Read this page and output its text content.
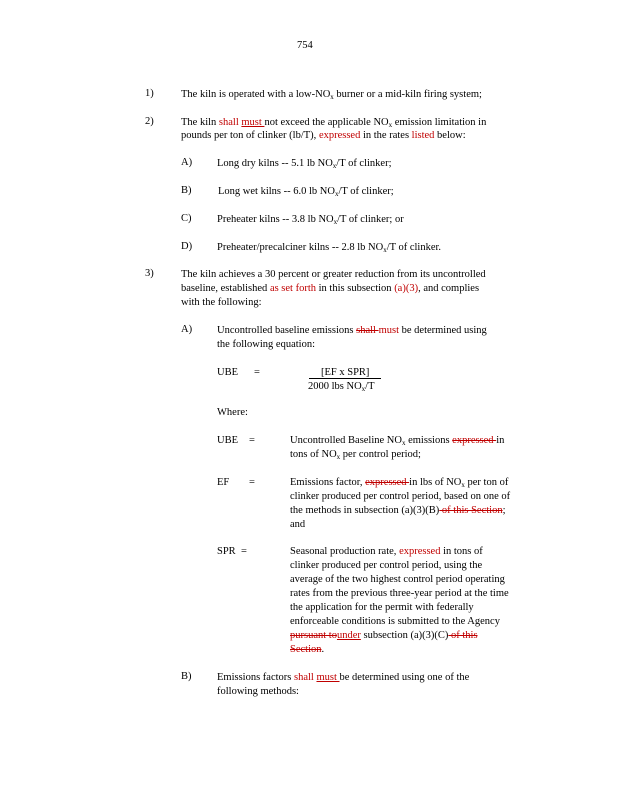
754
1)	The kiln is operated with a low-$NO_x$ burner or a mid-kiln firing system;
2)	The kiln shall must not exceed the applicable $NO_x$ emission limitation in
pounds per ton of clinker (lb/T), expressed in the rates listed below:
A) Long dry kilns -- 5.1 lb $NO_x/T$ of clinker;
B)	Long wet kilns -- 6.0 lb $NO_x/T$ of clinker;
C) Preheater kilns -- 3.8 lb $NO_x/T$ of clinker; or
D) Preheater/precalciner kilns -- 2.8 lb $NO_x/T$ of clinker.
3)	The kiln achieves a 30 percent or greater reduction from its uncontrolled
baseline, established as set forth in this subsection (a)(3), and complies
with the following:
A) Uncontrolled baseline emissions shall must be determined using
the following equation:
UBE =	[EF x SPR]
2000 lbs $NO_x/T$
Where:
UBE =	Uncontrolled Baseline $NO_x$ emissions expressed in
tons of $NO_x$ per control period;
EF =	Emissions factor, expressed in lbs of $NO_x$ per ton of
clinker produced per control period, based on one of
the methods in subsection (a)(3)(B) of this Section;
and
SPR =	Seasonal production rate, expressed in tons of
clinker produced per control period, using the
average of the two highest control period operating
rates from the previous three-year period at the time
the application for the permit with federally
enforceable conditions is submitted to the Agency
pursuant tounder subsection (a)(3)(C) of this
Section.
B) Emissions factors shall must be determined using one of the
following methods:
